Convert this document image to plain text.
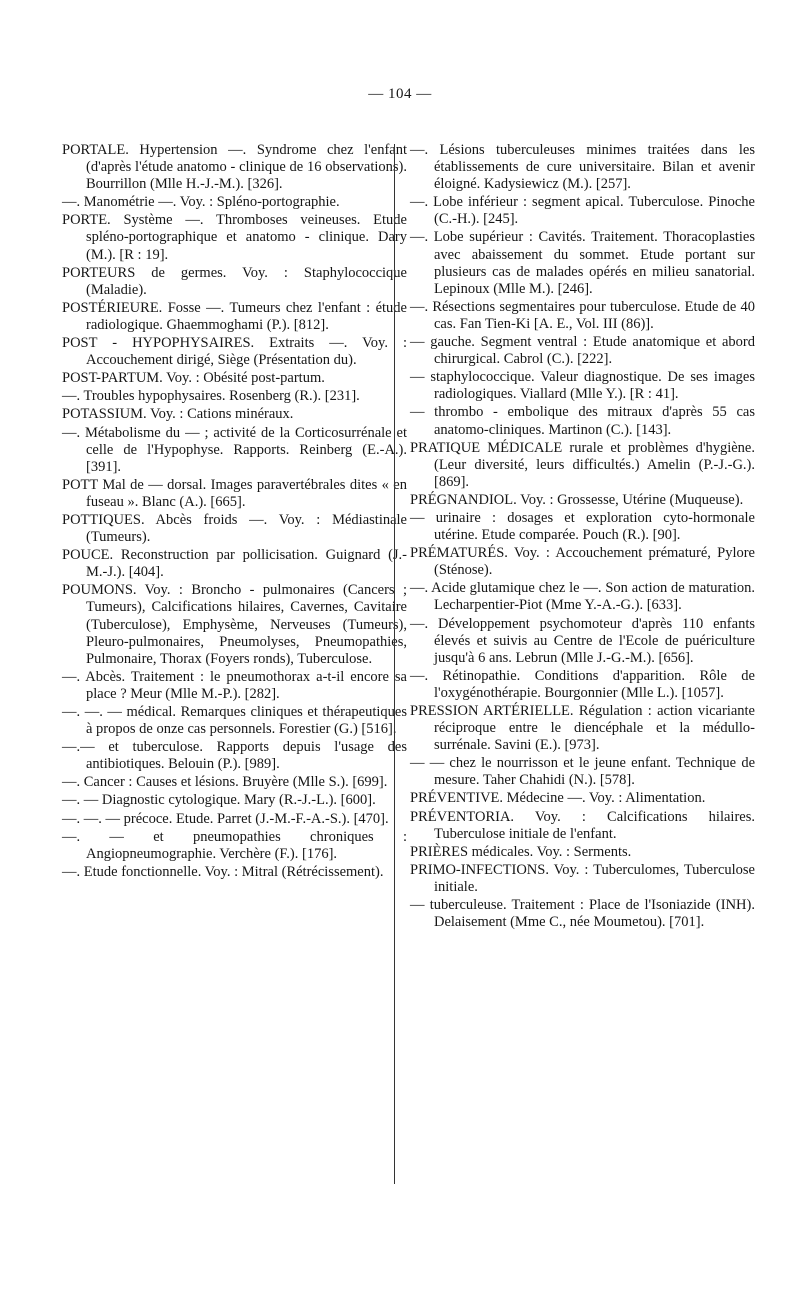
— 104 —

PORTALE. Hypertension —. Syndrome chez l'enfant (d'après l'étude anatomo - clinique de 16 observations). Bourrillon (Mlle H.-J.-M.). [326].

—. Manométrie —. Voy. : Spléno-portographie.

PORTE. Système —. Thromboses veineuses. Etude spléno-portographique et anatomo - clinique. Dary (M.). [R : 19].

PORTEURS de germes. Voy. : Staphylococcique (Maladie).

POSTÉRIEURE. Fosse —. Tumeurs chez l'enfant : étude radiologique. Ghaemmoghami (P.). [812].

POST - HYPOPHYSAIRES. Extraits —. Voy. : Accouchement dirigé, Siège (Présentation du).

POST-PARTUM. Voy. : Obésité post-partum.

—. Troubles hypophysaires. Rosenberg (R.). [231].

POTASSIUM. Voy. : Cations minéraux.

—. Métabolisme du — ; activité de la Corticosurrénale et celle de l'Hypophyse. Rapports. Reinberg (E.-A.). [391].

POTT Mal de — dorsal. Images paravertébrales dites « en fuseau ». Blanc (A.). [665].

POTTIQUES. Abcès froids —. Voy. : Médiastinale (Tumeurs).

POUCE. Reconstruction par pollicisation. Guignard (J.-M.-J.). [404].

POUMONS. Voy. : Broncho - pulmonaires (Cancers ; Tumeurs), Calcifications hilaires, Cavernes, Cavitaire (Tuberculose), Emphysème, Nerveuses (Tumeurs), Pleuro-pulmonaires, Pneumolyses, Pneumopathies, Pulmonaire, Thorax (Foyers ronds), Tuberculose.

—. Abcès. Traitement : le pneumothorax a-t-il encore sa place ? Meur (Mlle M.-P.). [282].

—. —. — médical. Remarques cliniques et thérapeutiques à propos de onze cas personnels. Forestier (G.) [516].

—.— et tuberculose. Rapports depuis l'usage des antibiotiques. Belouin (P.). [989].

—. Cancer : Causes et lésions. Bruyère (Mlle S.). [699].

—. — Diagnostic cytologique. Mary (R.-J.-L.). [600].

—. —. — précoce. Etude. Parret (J.-M.-F.-A.-S.). [470].

—. — et pneumopathies chroniques : Angiopneumographie. Verchère (F.). [176].

—. Etude fonctionnelle. Voy. : Mitral (Rétrécissement).

—. Lésions tuberculeuses minimes traitées dans les établissements de cure universitaire. Bilan et avenir éloigné. Kadysiewicz (M.). [257].

—. Lobe inférieur : segment apical. Tuberculose. Pinoche (C.-H.). [245].

—. Lobe supérieur : Cavités. Traitement. Thoracoplasties avec abaissement du sommet. Etude portant sur plusieurs cas de malades opérés en milieu sanatorial. Lepinoux (Mlle M.). [246].

—. Résections segmentaires pour tuberculose. Etude de 40 cas. Fan Tien-Ki [A. E., Vol. III (86)].

— gauche. Segment ventral : Etude anatomique et abord chirurgical. Cabrol (C.). [222].

— staphylococcique. Valeur diagnostique. De ses images radiologiques. Viallard (Mlle Y.). [R : 41].

— thrombo - embolique des mitraux d'après 55 cas anatomo-cliniques. Martinon (C.). [143].

PRATIQUE MÉDICALE rurale et problèmes d'hygiène. (Leur diversité, leurs difficultés.) Amelin (P.-J.-G.). [869].

PRÉGNANDIOL. Voy. : Grossesse, Utérine (Muqueuse).

— urinaire : dosages et exploration cyto-hormonale utérine. Etude comparée. Pouch (R.). [90].

PRÉMATURÉS. Voy. : Accouchement prématuré, Pylore (Sténose).

—. Acide glutamique chez le —. Son action de maturation. Lecharpentier-Piot (Mme Y.-A.-G.). [633].

—. Développement psychomoteur d'après 110 enfants élevés et suivis au Centre de l'Ecole de puériculture jusqu'à 6 ans. Lebrun (Mlle J.-G.-M.). [656].

—. Rétinopathie. Conditions d'apparition. Rôle de l'oxygénothérapie. Bourgonnier (Mlle L.). [1057].

PRESSION ARTÉRIELLE. Régulation : action vicariante réciproque entre le diencéphale et la médullo-surrénale. Savini (E.). [973].

— — chez le nourrisson et le jeune enfant. Technique de mesure. Taher Chahidi (N.). [578].

PRÉVENTIVE. Médecine —. Voy. : Alimentation.

PRÉVENTORIA. Voy. : Calcifications hilaires. Tuberculose initiale de l'enfant.

PRIÈRES médicales. Voy. : Serments.

PRIMO-INFECTIONS. Voy. : Tuberculomes, Tuberculose initiale.

— tuberculeuse. Traitement : Place de l'Isoniazide (INH). Delaisement (Mme C., née Moumetou). [701].
